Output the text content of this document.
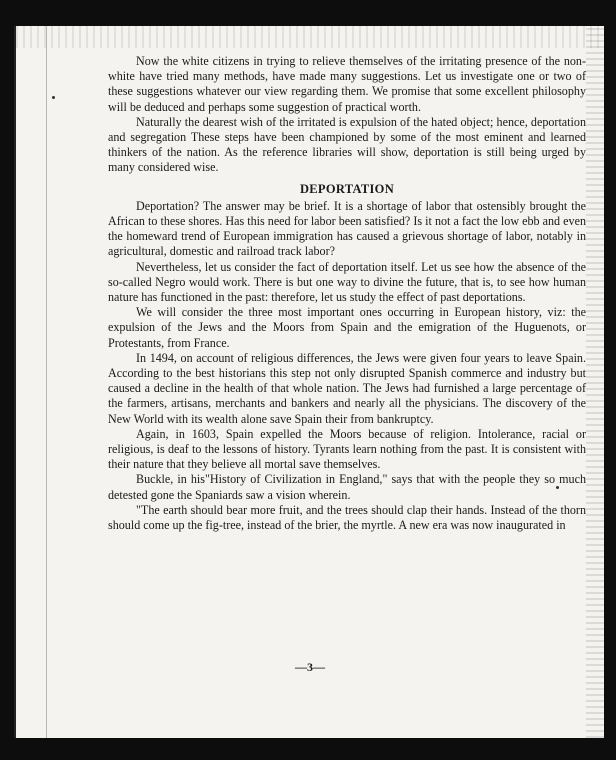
Now the white citizens in trying to relieve themselves of the irritating presence of the non-white have tried many methods, have made many suggestions. Let us investigate one or two of these suggestions whatever our view regarding them. We promise that some excellent philosophy will be deduced and perhaps some suggestion of practical worth.

Naturally the dearest wish of the irritated is expulsion of the hated object; hence, deportation and segregation These steps have been championed by some of the most eminent and learned thinkers of the nation. As the reference libraries will show, deportation is still being urged by many considered wise.

DEPORTATION

Deportation? The answer may be brief. It is a shortage of labor that ostensibly brought the African to these shores. Has this need for labor been satisfied? Is it not a fact the low ebb and even the homeward trend of European immigration has caused a grievous shortage of labor, notably in agricultural, domestic and railroad track labor?

Nevertheless, let us consider the fact of deportation itself. Let us see how the absence of the so-called Negro would work. There is but one way to divine the future, that is, to see how human nature has functioned in the past: therefore, let us study the effect of past deportations.

We will consider the three most important ones occurring in European history, viz: the expulsion of the Jews and the Moors from Spain and the emigration of the Huguenots, or Protestants, from France.

In 1494, on account of religious differences, the Jews were given four years to leave Spain. According to the best historians this step not only disrupted Spanish commerce and industry but caused a decline in the health of that whole nation. The Jews had furnished a large percentage of the farmers, artisans, merchants and bankers and nearly all the physicians. The discovery of the New World with its wealth alone save Spain their from bankruptcy.

Again, in 1603, Spain expelled the Moors because of religion. Intolerance, racial or religious, is deaf to the lessons of history. Tyrants learn nothing from the past. It is consistent with their nature that they believe all mortal save themselves.

Buckle, in his"History of Civilization in England," says that with the people they so much detested gone the Spaniards saw a vision wherein.

"The earth should bear more fruit, and the trees should clap their hands. Instead of the thorn should come up the fig-tree, instead of the brier, the myrtle. A new era was now inaugurated in

—3—
